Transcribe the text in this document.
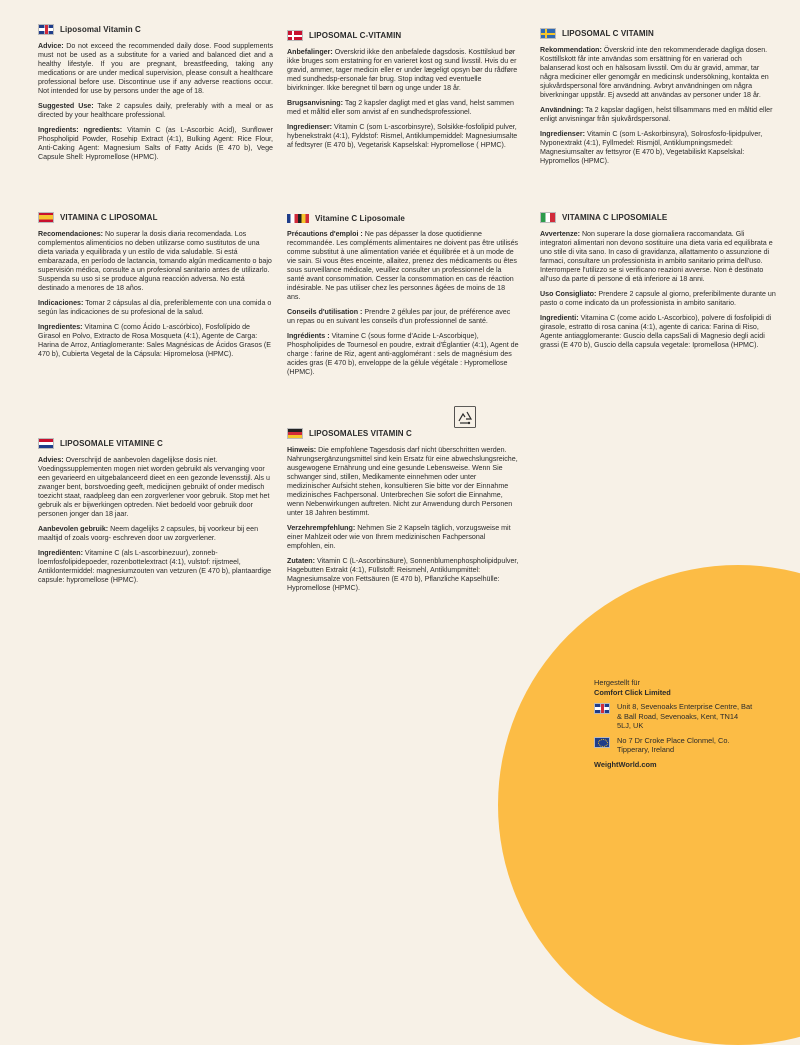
Liposomal Vitamin C

Advice: Do not exceed the recommended daily dose. Food supplements must not be used as a substitute for a varied and balanced diet and a healthy lifestyle. If you are pregnant, breastfeeding, taking any medications or are under medical supervision, please consult a healthcare professional before use. Discontinue use if any adverse reactions occur. Not intended for use by persons under the age of 18.

Suggested Use: Take 2 capsules daily, preferably with a meal or as directed by your healthcare professional.

Ingredients: ngredients: Vitamin C (as L-Ascorbic Acid), Sunflower Phospholipid Powder, Rosehip Extract (4:1), Bulking Agent: Rice Flour, Anti-Caking Agent: Magnesium Salts of Fatty Acids (E 470 b), Vege Capsule Shell: Hypromellose (HPMC).

LIPOSOMAL C-VITAMIN

Anbefalinger: Overskrid ikke den anbefalede dagsdosis. Kosttilskud bør ikke bruges som erstatning for en varieret kost og sund livsstil. Hvis du er gravid, ammer, tager medicin eller er under lægeligt opsyn bør du rådføre med sundhedsp-ersonale før brug. Stop indtag ved eventuelle bivirkninger. Ikke beregnet til børn og unge under 18 år.

Brugsanvisning: Tag 2 kapsler dagligt med et glas vand, helst sammen med et måltid eller som anvist af en sundhedsprofessionel.

Ingredienser: Vitamin C (som L-ascorbinsyre), Solsikke-fosfolipid pulver, hybenekstrakt (4:1), Fyldstof: Rismel, Antiklumpemiddel: Magnesiumsalte af fedtsyrer (E 470 b), Vegetarisk Kapselskal: Hypromellose ( HPMC).

LIPOSOMAL C VITAMIN

Rekommendation: Överskrid inte den rekommenderade dagliga dosen. Kosttillskott får inte användas som ersättning för en varierad och balanserad kost och en hälsosam livsstil. Om du är gravid, ammar, tar några mediciner eller genomgår en medicinsk undersökning, kontakta en sjukvårdspersonal före användning. Avbryt användningen om några biverkningar uppstår. Ej avsedd att användas av personer under 18 år.

Användning: Ta 2 kapslar dagligen, helst tillsammans med en måltid eller enligt anvisningar från sjukvårdspersonal.

Ingredienser: Vitamin C (som L-Askorbinsyra), Solrosfosfo-lipidpulver, Nyponextrakt (4:1), Fyllmedel: Rismjöl, Antiklumpningsmedel: Magnesiumsalter av fettsyror (E 470 b), Vegetabiliskt Kapselskal: Hypromellos (HPMC).

VITAMINA C LIPOSOMAL

Recomendaciones: No superar la dosis diaria recomendada. Los complementos alimenticios no deben utilizarse como sustitutos de una dieta variada y equilibrada y un estilo de vida saludable. Si está embarazada, en período de lactancia, tomando algún medicamento o bajo supervisión médica, consulte a un profesional sanitario antes de utilizarlo. Suspenda su uso si se produce alguna reacción adversa. No está destinado a menores de 18 años.

Indicaciones: Tomar 2 cápsulas al día, preferiblemente con una comida o según las indicaciones de su profesional de la salud.

Ingredientes: Vitamina C (como Ácido L-ascórbico), Fosfolípido de Girasol en Polvo, Extracto de Rosa Mosqueta (4:1), Agente de Carga: Harina de Arroz, Antiaglomerante: Sales Magnésicas de Ácidos Grasos (E 470 b), Cubierta Vegetal de la Cápsula: Hipromelosa (HPMC).

Vitamine C Liposomale

Précautions d'emploi : Ne pas dépasser la dose quotidienne recommandée. Les compléments alimentaires ne doivent pas être utilisés comme substitut à une alimentation variée et équilibrée et à un mode de vie sain. Si vous êtes enceinte, allaitez, prenez des médicaments ou êtes sous surveillance médicale, veuillez consulter un professionnel de la santé avant consommation. Cesser la consommation en cas de réaction indésirable. Ne pas utiliser chez les personnes âgées de moins de 18 ans.

Conseils d'utilisation : Prendre 2 gélules par jour, de préférence avec un repas ou en suivant les conseils d'un professionnel de santé.

Ingrédients : Vitamine C (sous forme d'Acide L-Ascorbique), Phospholipides de Tournesol en poudre, extrait d'Églantier (4:1), Agent de charge : farine de Riz, agent anti-agglomérant : sels de magnésium des acides gras (E 470 b), enveloppe de la gélule végétale : Hypromellose (HPMC).

VITAMINA C LIPOSOMIALE

Avvertenze: Non superare la dose giornaliera raccomandata. Gli integratori alimentari non devono sostituire una dieta varia ed equilibrata e uno stile di vita sano. In caso di gravidanza, allattamento o assunzione di farmaci, consultare un professionista in ambito sanitario prima dell'uso. Interrompere l'utilizzo se si verificano reazioni avverse. Non è destinato all'uso da parte di persone di età inferiore ai 18 anni.

Uso Consigliato: Prendere 2 capsule al giorno, preferibilmente durante un pasto o come indicato da un professionista in ambito sanitario.

Ingredienti: Vitamina C (come acido L-Ascorbico), polvere di fosfolipidi di girasole, estratto di rosa canina (4:1), agente di carica: Farina di Riso, Agente antiagglomerante: Guscio della capsSali di Magnesio degli acidi grassi (E 470 b), Guscio della capsula vegetale: Ipromellosa (HPMC).

LIPOSOMALE VITAMINE C

Advies: Overschrijd de aanbevolen dagelijkse dosis niet. Voedingssupplementen mogen niet worden gebruikt als vervanging voor een gevarieerd en uitgebalanceerd dieet en een gezonde levensstijl. Als u zwanger bent, borstvoeding geeft, medicijnen gebruikt of onder medisch toezicht staat, raadpleeg dan een zorgverlener voor gebruik. Stop met het gebruik als er bijwerkingen optreden. Niet bedoeld voor gebruik door personen jonger dan 18 jaar.

Aanbevolen gebruik: Neem dagelijks 2 capsules, bij voorkeur bij een maaltijd of zoals voorg- eschreven door uw zorgverlener.

Ingrediënten: Vitamine C (als L-ascorbinezuur), zonneb-loemfosfolipidepoeder, rozenbottelextract (4:1), vulstof: rijstmeel, Antiklontermiddel: magnesiumzouten van vetzuren (E 470 b), plantaardige capsule: hypromellose (HPMC).

LIPOSOMALES VITAMIN C

Hinweis: Die empfohlene Tagesdosis darf nicht überschritten werden. Nahrungsergänzungsmittel sind kein Ersatz für eine abwechslungsreiche, ausgewogene Ernährung und eine gesunde Lebensweise. Wenn Sie schwanger sind, stillen, Medikamente einnehmen oder unter medizinischer Aufsicht stehen, konsultieren Sie bitte vor der Einnahme medizinisches Fachpersonal. Unterbrechen Sie sofort die Einnahme, wenn Nebenwirkungen auftreten. Nicht zur Anwendung durch Personen unter 18 Jahren bestimmt.

Verzehrempfehlung: Nehmen Sie 2 Kapseln täglich, vorzugsweise mit einer Mahlzeit oder wie von Ihrem medizinischen Fachpersonal empfohlen, ein.

Zutaten: Vitamin C (L-Ascorbinsäure), Sonnenblumenphospholipidpulver, Hagebutten Extrakt (4:1), Füllstoff: Reismehl, Antiklumpmittel: Magnesiumsalze von Fettsäuren (E 470 b), Pflanzliche Kapselhülle: Hypromellose (HPMC).

Hergestellt für
Comfort Click Limited
Unit 8, Sevenoaks Enterprise Centre, Bat & Ball Road, Sevenoaks, Kent, TN14 5LJ, UK
No 7 Dr Croke Place Clonmel, Co. Tipperary, Ireland
WeightWorld.com
